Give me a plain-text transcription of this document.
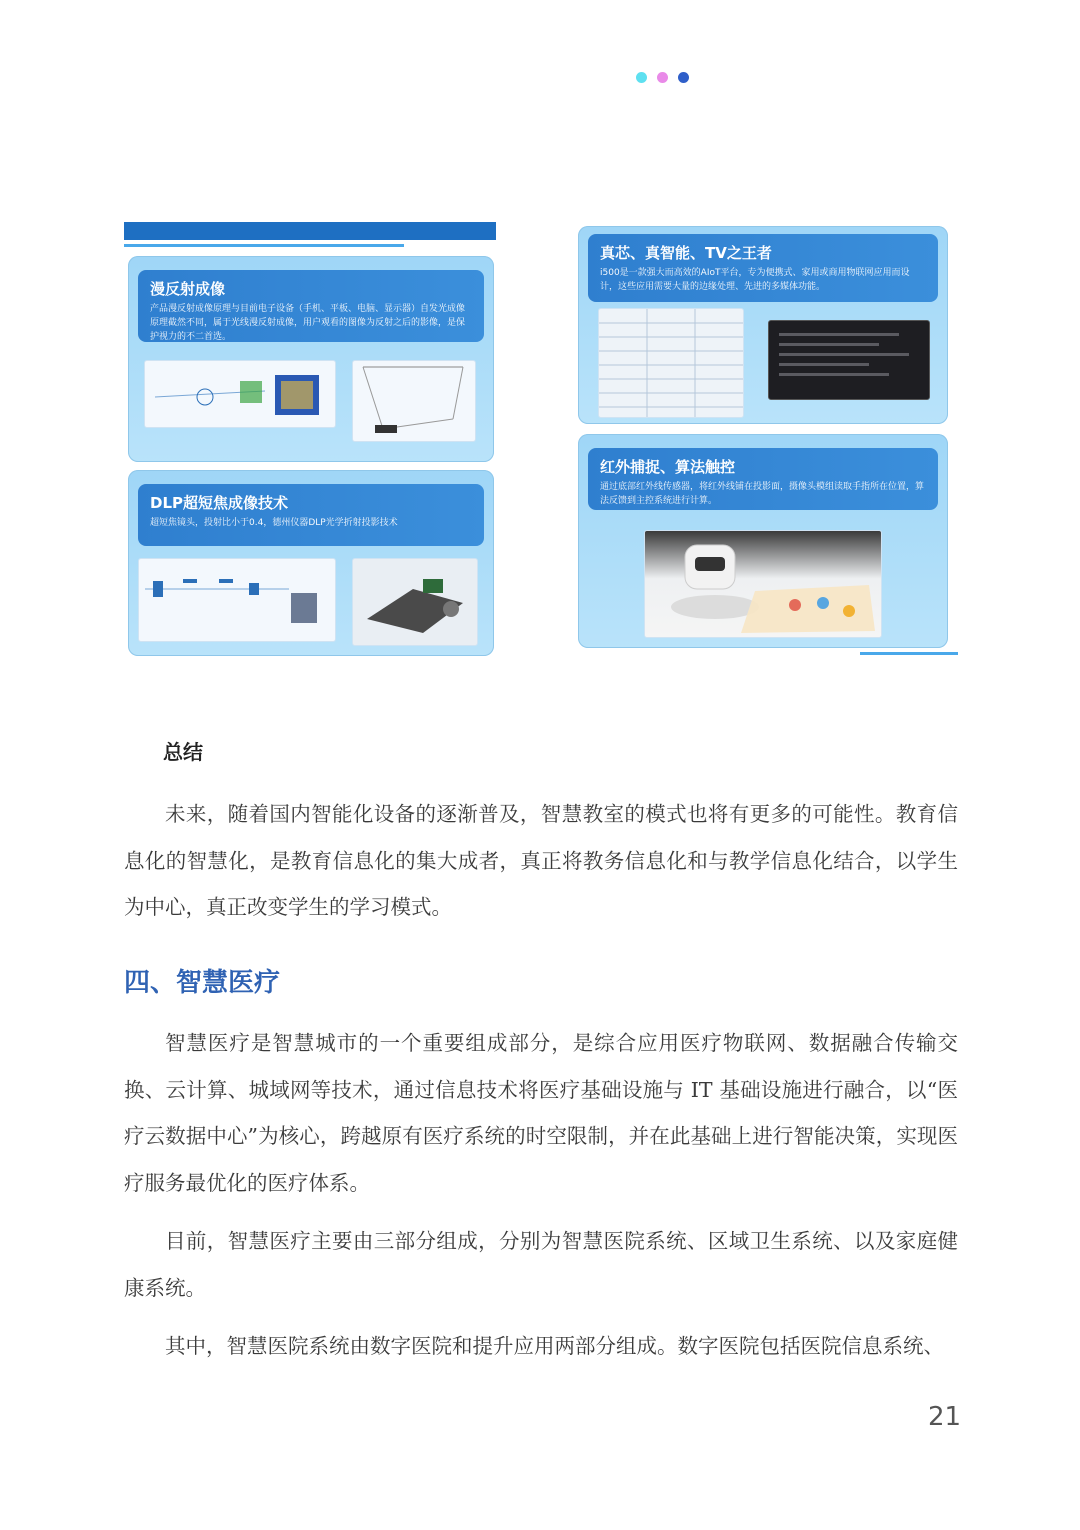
漫反射成像
产品漫反射成像原理与目前电子设备（手机、平板、电脑、显示器）自发光成像原理截然不同，属于光线漫反射成像，用户观看的图像为反射之后的影像，是保护视力的不二首选。
DLP超短焦成像技术
超短焦镜头，投射比小于0.4，德州仪器DLP光学折射投影技术
真芯、真智能、TV之王者
i500是一款强大而高效的AIoT平台，专为便携式、家用或商用物联网应用而设计，这些应用需要大量的边缘处理、先进的多媒体功能。
红外捕捉、算法触控
通过底部红外线传感器，将红外线铺在投影面，摄像头模组读取手指所在位置，算法反馈到主控系统进行计算。
总结

未来，随着国内智能化设备的逐渐普及，智慧教室的模式也将有更多的可能性。教育信息化的智慧化，是教育信息化的集大成者，真正将教务信息化和与教学信息化结合，以学生为中心，真正改变学生的学习模式。

四、智慧医疗

智慧医疗是智慧城市的一个重要组成部分，是综合应用医疗物联网、数据融合传输交换、云计算、城域网等技术，通过信息技术将医疗基础设施与 IT 基础设施进行融合，以“医疗云数据中心”为核心，跨越原有医疗系统的时空限制，并在此基础上进行智能决策，实现医疗服务最优化的医疗体系。

目前，智慧医疗主要由三部分组成，分别为智慧医院系统、区域卫生系统、以及家庭健康系统。

其中，智慧医院系统由数字医院和提升应用两部分组成。数字医院包括医院信息系统、

21
